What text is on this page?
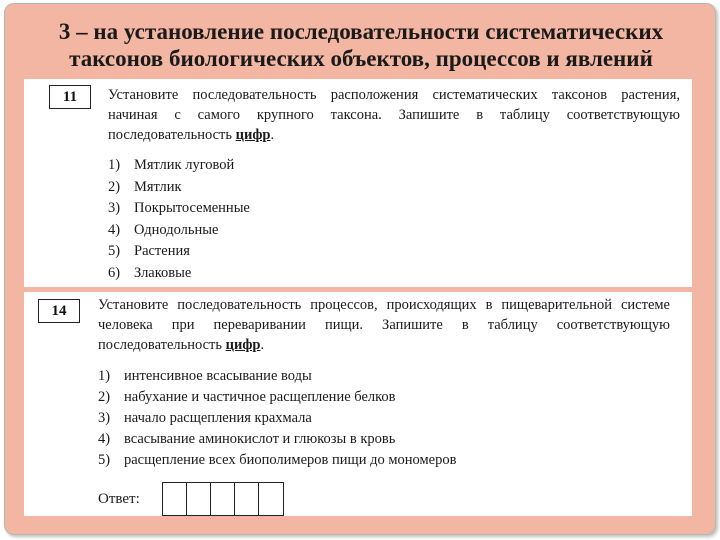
3 – на установление последовательности систематических
таксонов биологических объектов, процессов и явлений
11	Установите последовательность расположения систематических таксонов растения, начиная с самого крупного таксона. Запишите в таблицу соответствующую последовательность цифр.
1) Мятлик луговой
2) Мятлик
3) Покрытосеменные
4) Однодольные
5) Растения
6) Злаковые
14	Установите последовательность процессов, происходящих в пищеварительной системе человека при переваривании пищи. Запишите в таблицу соответствующую последовательность цифр.
1) интенсивное всасывание воды
2) набухание и частичное расщепление белков
3) начало расщепления крахмала
4) всасывание аминокислот и глюкозы в кровь
5) расщепление всех биополимеров пищи до мономеров
Ответ:
